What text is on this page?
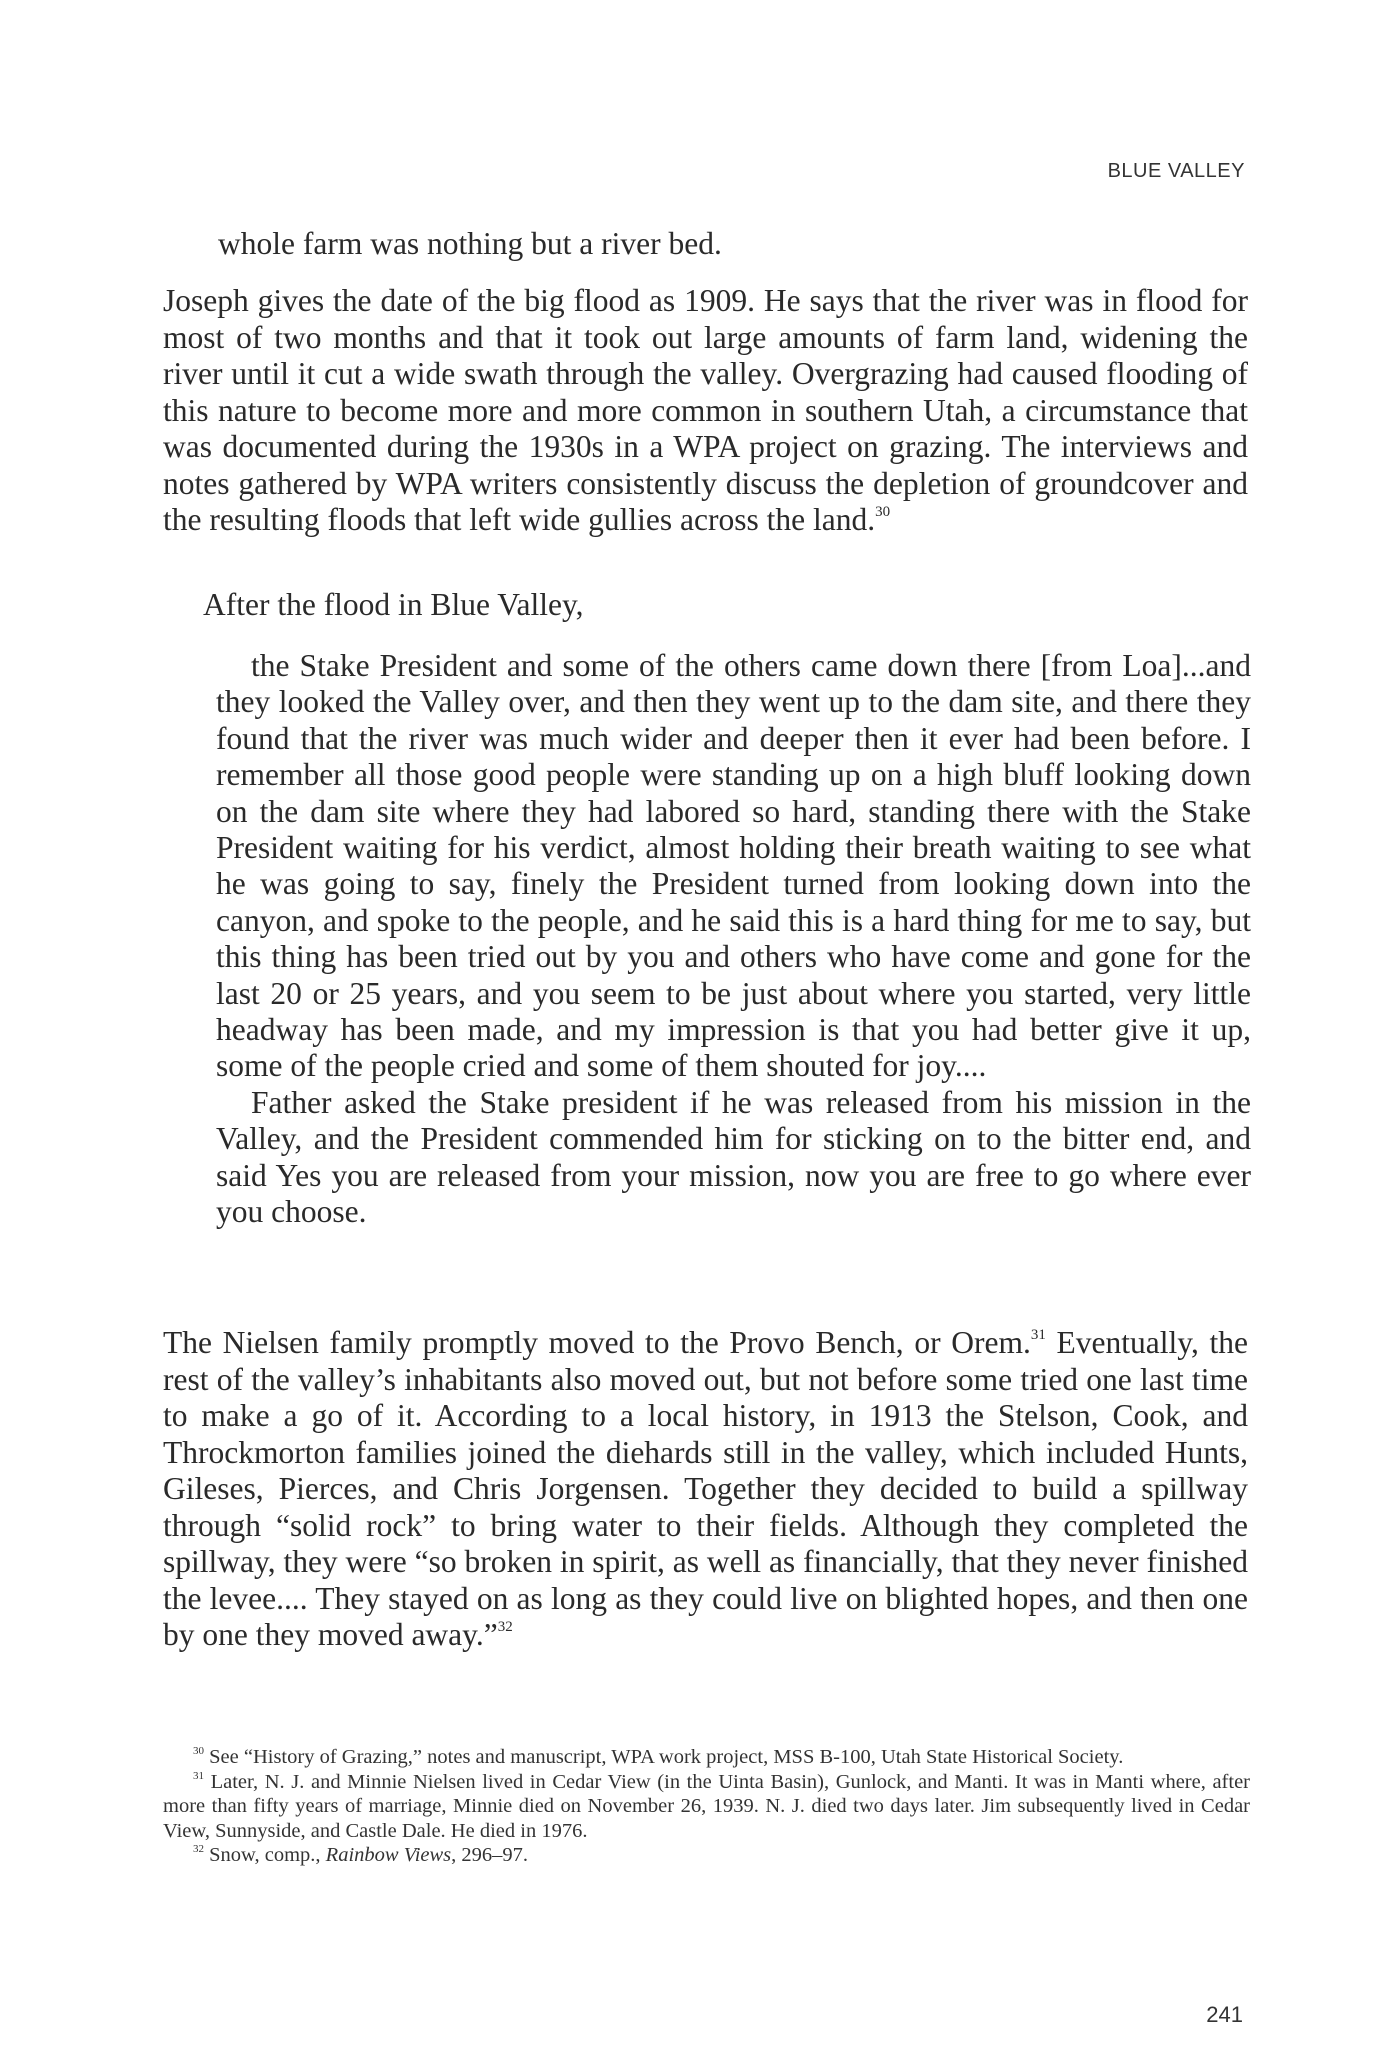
BLUE VALLEY
whole farm was nothing but a river bed.

Joseph gives the date of the big flood as 1909. He says that the river was in flood for most of two months and that it took out large amounts of farm land, widening the river until it cut a wide swath through the valley. Overgrazing had caused flooding of this nature to become more and more common in southern Utah, a circumstance that was documented during the 1930s in a WPA project on grazing. The interviews and notes gathered by WPA writers consistently discuss the depletion of groundcover and the resulting floods that left wide gullies across the land.$^{30}$

After the flood in Blue Valley,

the Stake President and some of the others came down there [from Loa]...and they looked the Valley over, and then they went up to the dam site, and there they found that the river was much wider and deeper then it ever had been before. I remember all those good people were standing up on a high bluff looking down on the dam site where they had labored so hard, standing there with the Stake President waiting for his verdict, almost holding their breath waiting to see what he was going to say, finely the President turned from looking down into the canyon, and spoke to the people, and he said this is a hard thing for me to say, but this thing has been tried out by you and others who have come and gone for the last 20 or 25 years, and you seem to be just about where you started, very little headway has been made, and my impression is that you had better give it up, some of the people cried and some of them shouted for joy....

Father asked the Stake president if he was released from his mission in the Valley, and the President commended him for sticking on to the bitter end, and said Yes you are released from your mission, now you are free to go where ever you choose.

The Nielsen family promptly moved to the Provo Bench, or Orem.$^{31}$ Eventually, the rest of the valley’s inhabitants also moved out, but not before some tried one last time to make a go of it. According to a local history, in 1913 the Stelson, Cook, and Throckmorton families joined the diehards still in the valley, which included Hunts, Gileses, Pierces, and Chris Jorgensen. Together they decided to build a spillway through “solid rock” to bring water to their fields. Although they completed the spillway, they were “so broken in spirit, as well as financially, that they never finished the levee.... They stayed on as long as they could live on blighted hopes, and then one by one they moved away.”$^{32}$

$^{30}$ See “History of Grazing,” notes and manuscript, WPA work project, MSS B-100, Utah State Historical Society.

$^{31}$ Later, N. J. and Minnie Nielsen lived in Cedar View (in the Uinta Basin), Gunlock, and Manti. It was in Manti where, after more than fifty years of marriage, Minnie died on November 26, 1939. N. J. died two days later. Jim subsequently lived in Cedar View, Sunnyside, and Castle Dale. He died in 1976.

$^{32}$ Snow, comp., Rainbow Views, 296–97.

241
